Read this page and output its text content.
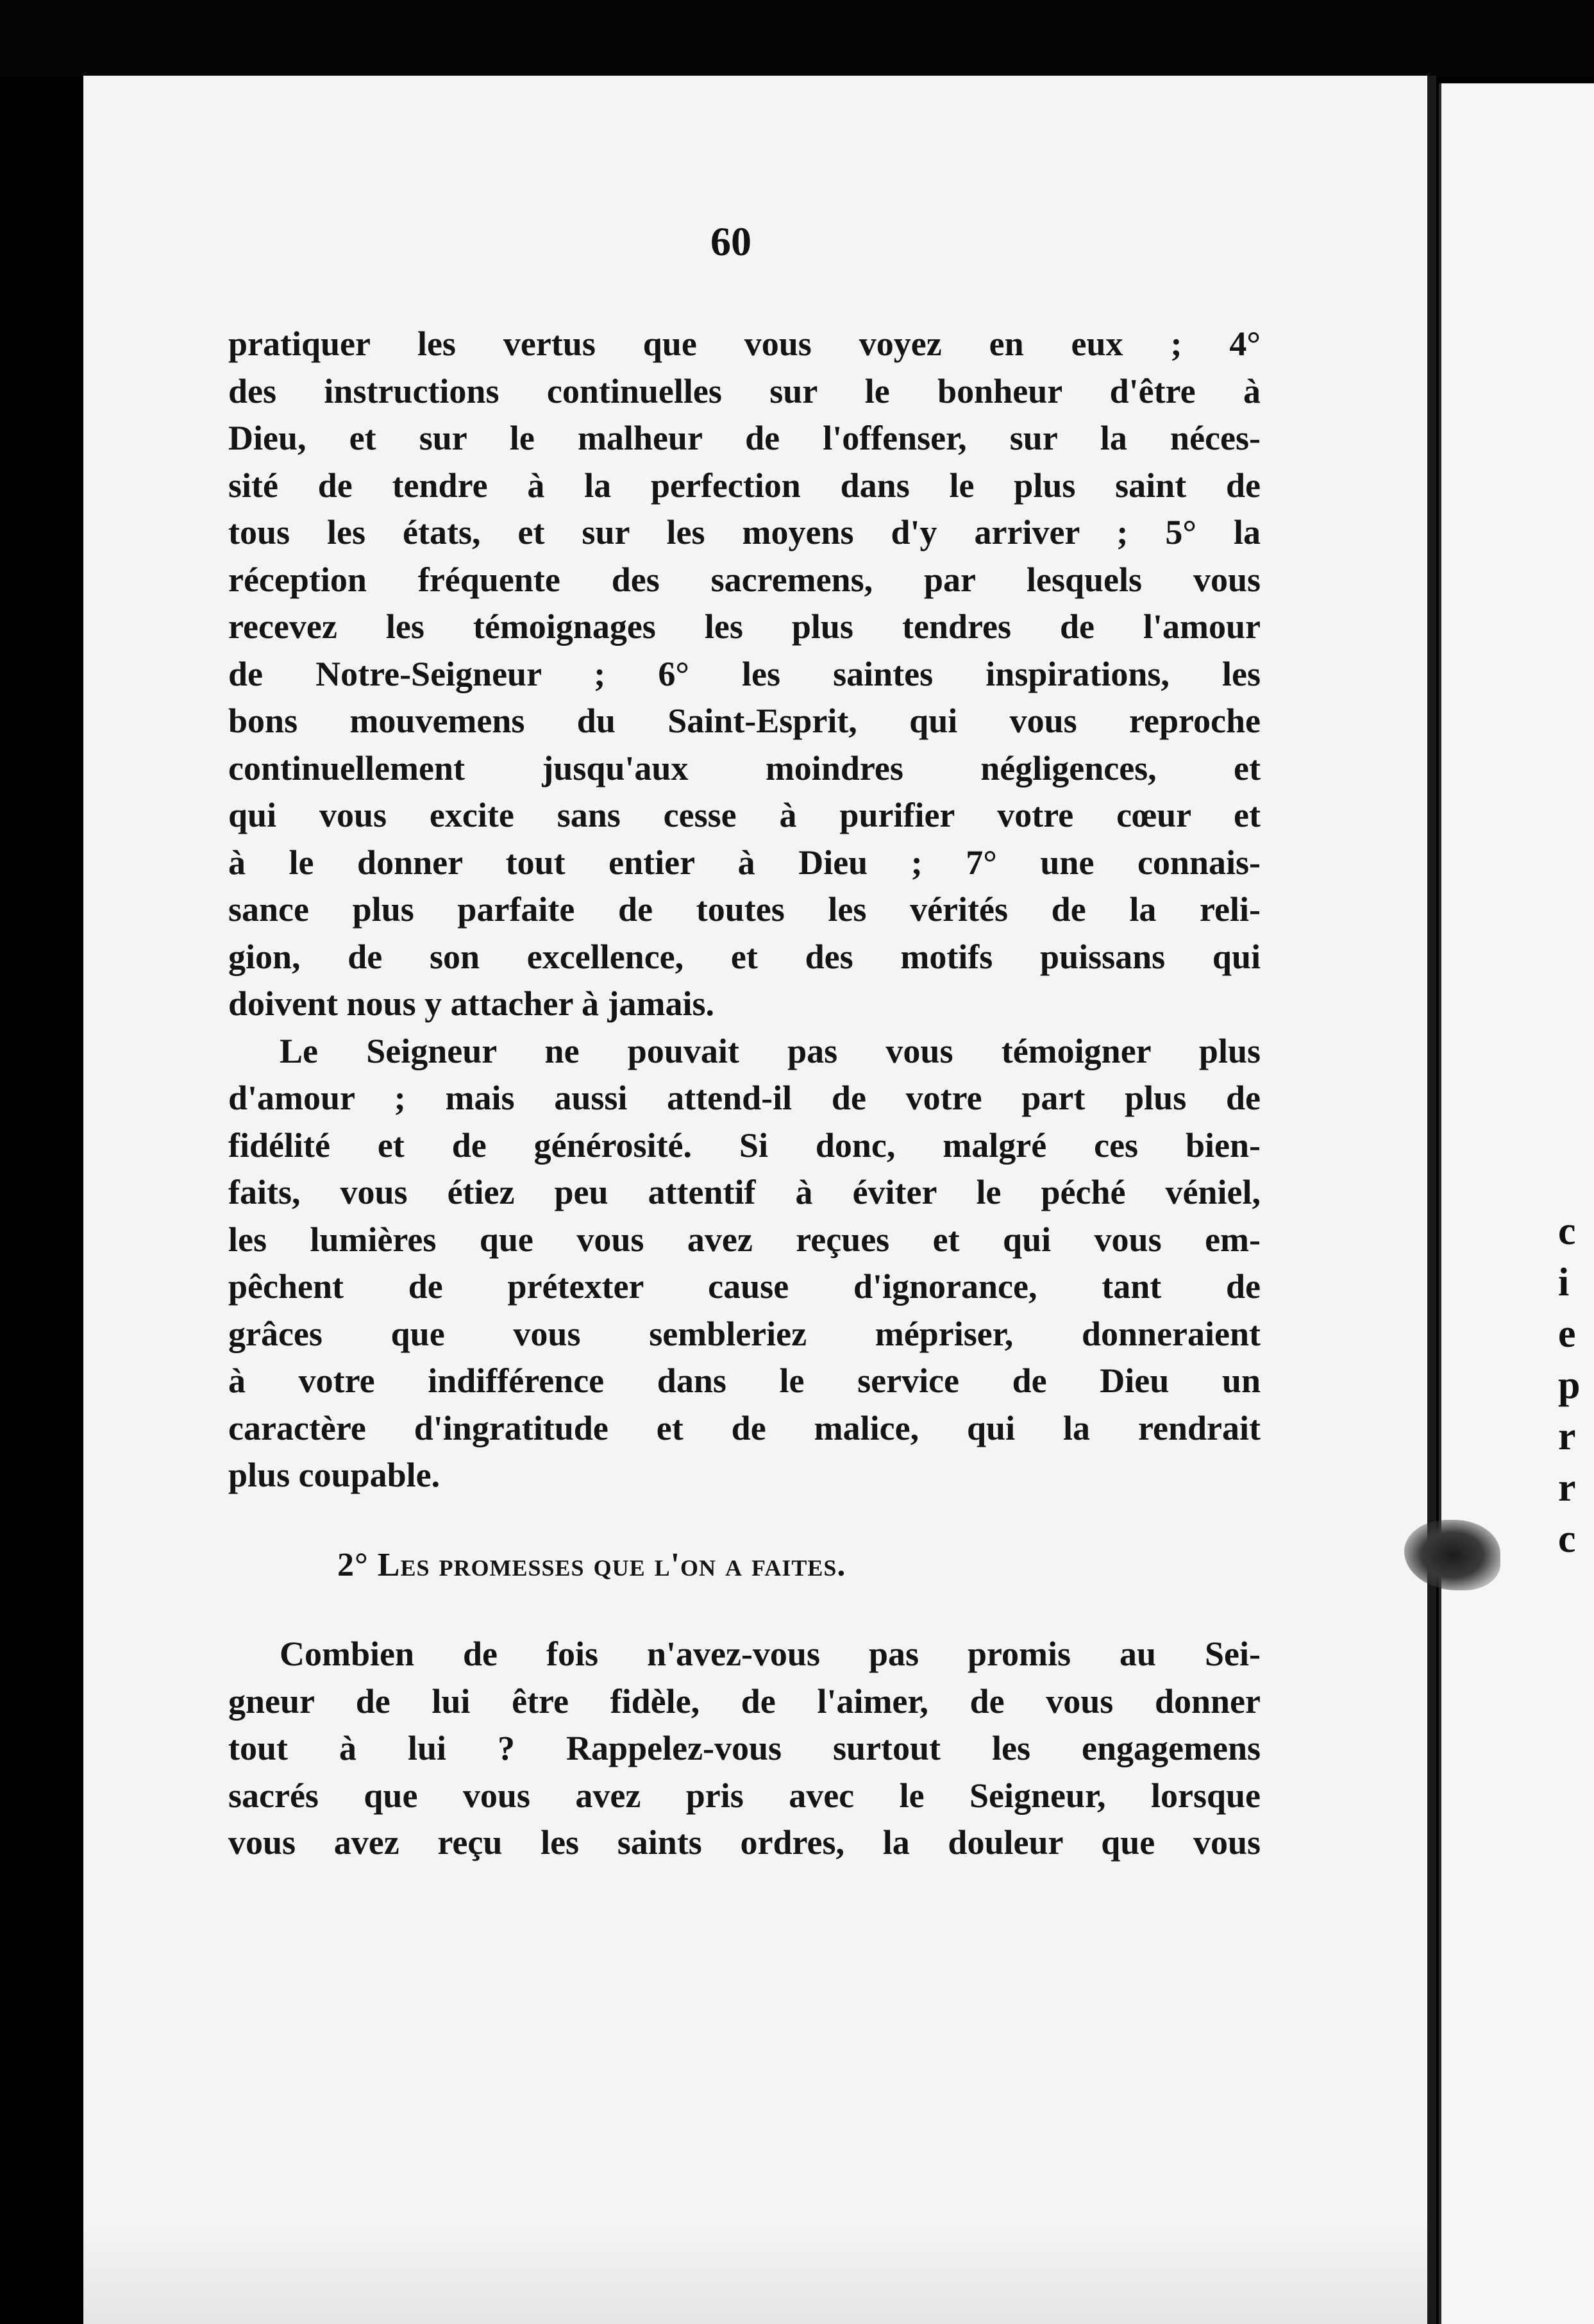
c
i
e
p
r
r
c
60
pratiquer les vertus que vous voyez en eux ; 4°
des instructions continuelles sur le bonheur d'être à
Dieu, et sur le malheur de l'offenser, sur la néces-
sité de tendre à la perfection dans le plus saint de
tous les états, et sur les moyens d'y arriver ; 5° la
réception fréquente des sacremens, par lesquels vous
recevez les témoignages les plus tendres de l'amour
de Notre-Seigneur ; 6° les saintes inspirations, les
bons mouvemens du Saint-Esprit, qui vous reproche
continuellement jusqu'aux moindres négligences, et
qui vous excite sans cesse à purifier votre cœur et
à le donner tout entier à Dieu ; 7° une connais-
sance plus parfaite de toutes les vérités de la reli-
gion, de son excellence, et des motifs puissans qui
doivent nous y attacher à jamais.
Le Seigneur ne pouvait pas vous témoigner plus
d'amour ; mais aussi attend-il de votre part plus de
fidélité et de générosité. Si donc, malgré ces bien-
faits, vous étiez peu attentif à éviter le péché véniel,
les lumières que vous avez reçues et qui vous em-
pêchent de prétexter cause d'ignorance, tant de
grâces que vous sembleriez mépriser, donneraient
à votre indifférence dans le service de Dieu un
caractère d'ingratitude et de malice, qui la rendrait
plus coupable.
2° Les promesses que l'on a faites.
Combien de fois n'avez-vous pas promis au Sei-
gneur de lui être fidèle, de l'aimer, de vous donner
tout à lui ? Rappelez-vous surtout les engagemens
sacrés que vous avez pris avec le Seigneur, lorsque
vous avez reçu les saints ordres, la douleur que vous
